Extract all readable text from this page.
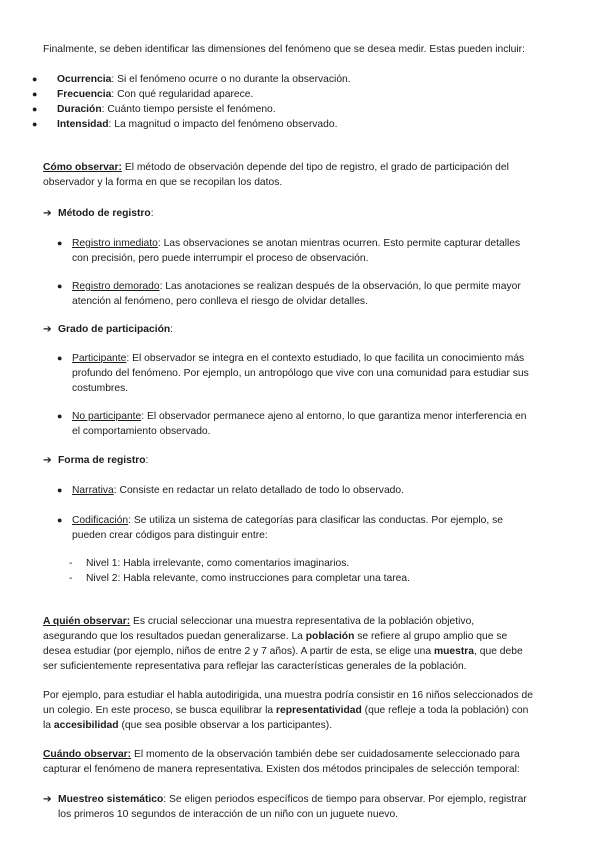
Finalmente, se deben identificar las dimensiones del fenómeno que se desea medir. Estas pueden incluir:
● Ocurrencia: Si el fenómeno ocurre o no durante la observación.
● Frecuencia: Con qué regularidad aparece.
● Duración: Cuánto tiempo persiste el fenómeno.
● Intensidad: La magnitud o impacto del fenómeno observado.
Cómo observar: El método de observación depende del tipo de registro, el grado de participación del
observador y la forma en que se recopilan los datos.
➔ Método de registro:
● Registro inmediato: Las observaciones se anotan mientras ocurren. Esto permite capturar detalles
con precisión, pero puede interrumpir el proceso de observación.
● Registro demorado: Las anotaciones se realizan después de la observación, lo que permite mayor
atención al fenómeno, pero conlleva el riesgo de olvidar detalles.
➔ Grado de participación:
● Participante: El observador se integra en el contexto estudiado, lo que facilita un conocimiento más
profundo del fenómeno. Por ejemplo, un antropólogo que vive con una comunidad para estudiar sus
costumbres.
● No participante: El observador permanece ajeno al entorno, lo que garantiza menor interferencia en
el comportamiento observado.
➔ Forma de registro:
● Narrativa: Consiste en redactar un relato detallado de todo lo observado.
● Codificación: Se utiliza un sistema de categorías para clasificar las conductas. Por ejemplo, se
pueden crear códigos para distinguir entre:
- Nivel 1: Habla irrelevante, como comentarios imaginarios.
- Nivel 2: Habla relevante, como instrucciones para completar una tarea.
A quién observar: Es crucial seleccionar una muestra representativa de la población objetivo,
asegurando que los resultados puedan generalizarse. La población se refiere al grupo amplio que se
desea estudiar (por ejemplo, niños de entre 2 y 7 años). A partir de esta, se elige una muestra, que debe
ser suficientemente representativa para reflejar las características generales de la población.
Por ejemplo, para estudiar el habla autodirigida, una muestra podría consistir en 16 niños seleccionados de
un colegio. En este proceso, se busca equilibrar la representatividad (que refleje a toda la población) con
la accesibilidad (que sea posible observar a los participantes).
Cuándo observar: El momento de la observación también debe ser cuidadosamente seleccionado para
capturar el fenómeno de manera representativa. Existen dos métodos principales de selección temporal:
➔ Muestreo sistemático: Se eligen periodos específicos de tiempo para observar. Por ejemplo, registrar
los primeros 10 segundos de interacción de un niño con un juguete nuevo.
